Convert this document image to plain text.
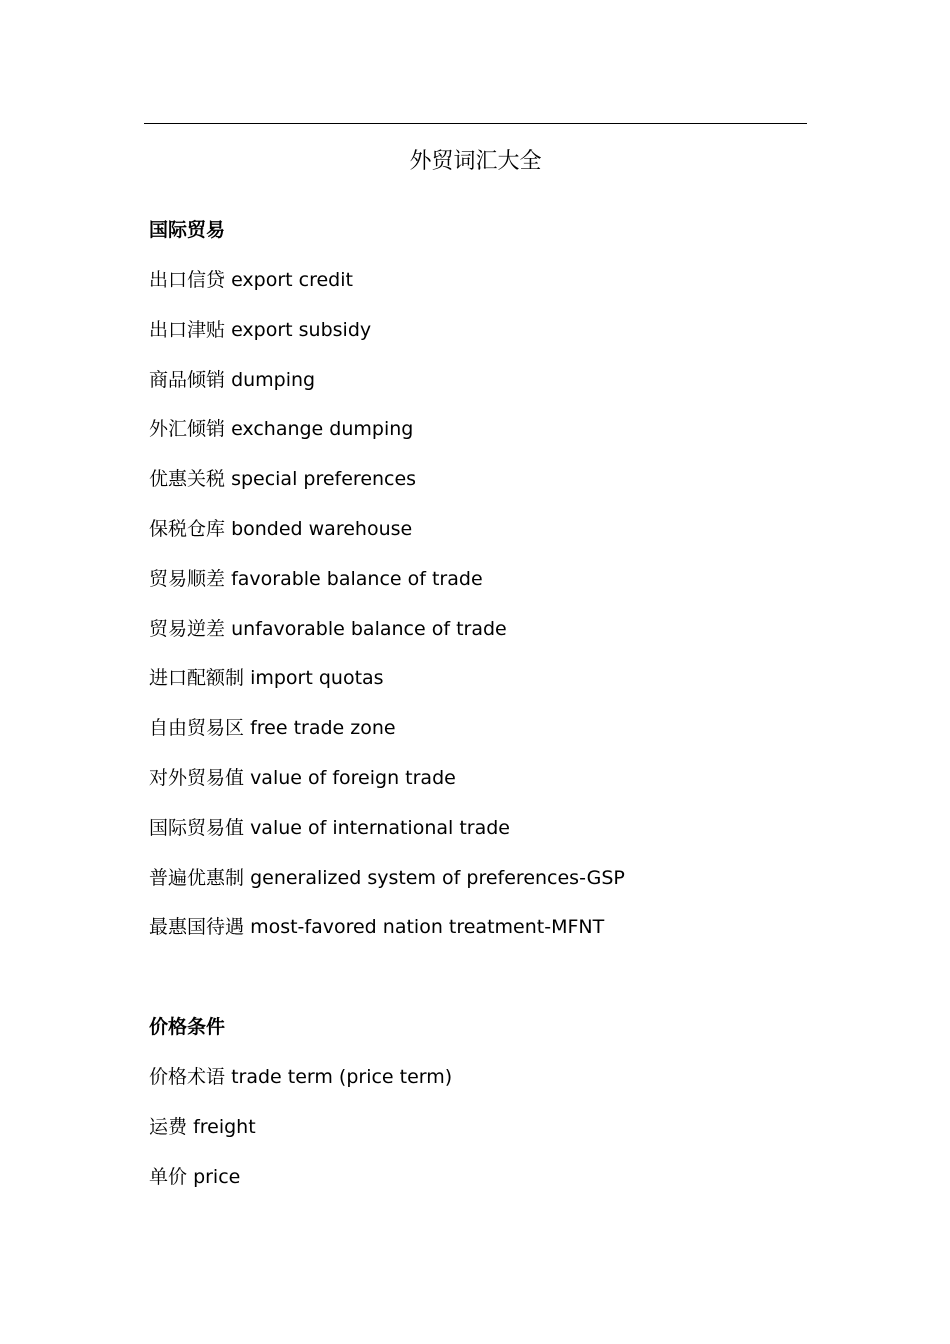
外贸词汇大全
国际贸易
出口信贷 export credit
出口津贴 export subsidy
商品倾销 dumping
外汇倾销 exchange dumping
优惠关税 special preferences
保税仓库 bonded warehouse
贸易顺差 favorable balance of trade
贸易逆差 unfavorable balance of trade
进口配额制 import quotas
自由贸易区 free trade zone
对外贸易值 value of foreign trade
国际贸易值 value of international trade
普遍优惠制 generalized system of preferences-GSP
最惠国待遇 most-favored nation treatment-MFNT
价格条件
价格术语 trade term (price term)
运费 freight
单价 price
